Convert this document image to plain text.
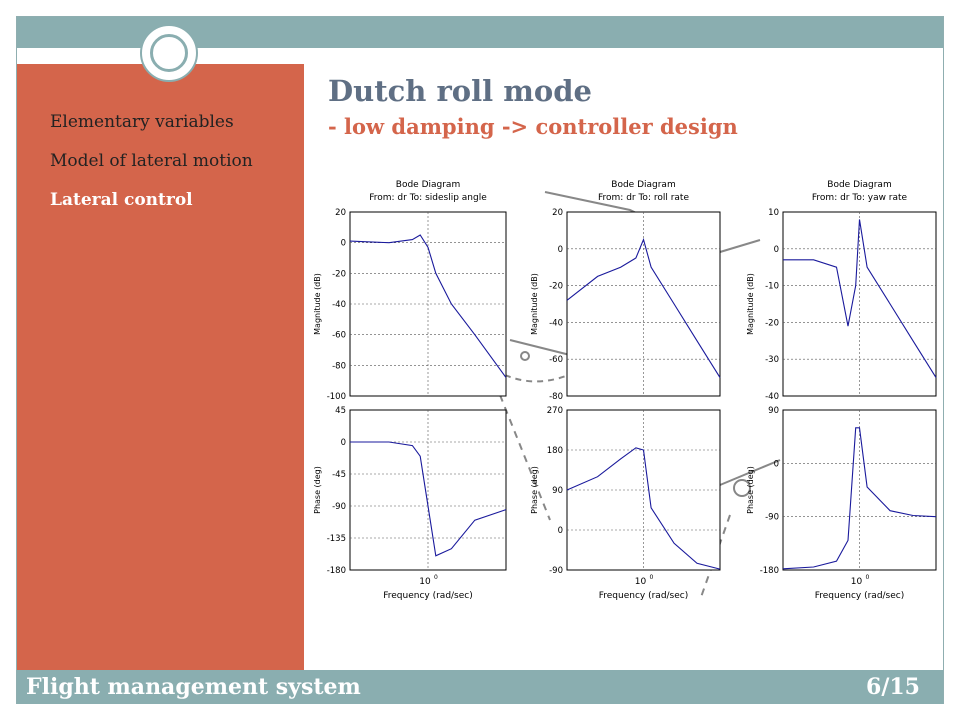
Elementary variables
Model of lateral motion
Lateral control
Dutch roll mode
- low damping -> controller design
Bode Diagram
From: dr To: sideslip angle
20
0
-20
-40
-60
-80
-100
Magnitude (dB)
45
0
-45
-90
-135
-180
Phase (deg)
10 0
Frequency (rad/sec)
Bode Diagram
From: dr To: roll rate
20
0
-20
-40
-60
-80
Magnitude (dB)
270
180
90
0
-90
Phase (deg)
10 0
Frequency (rad/sec)
Bode Diagram
From: dr To: yaw rate
10
0
-10
-20
-30
-40
Magnitude (dB)
90
0
-90
-180
Phase (deg)
10 0
Frequency (rad/sec)
Flight management system	6/15
